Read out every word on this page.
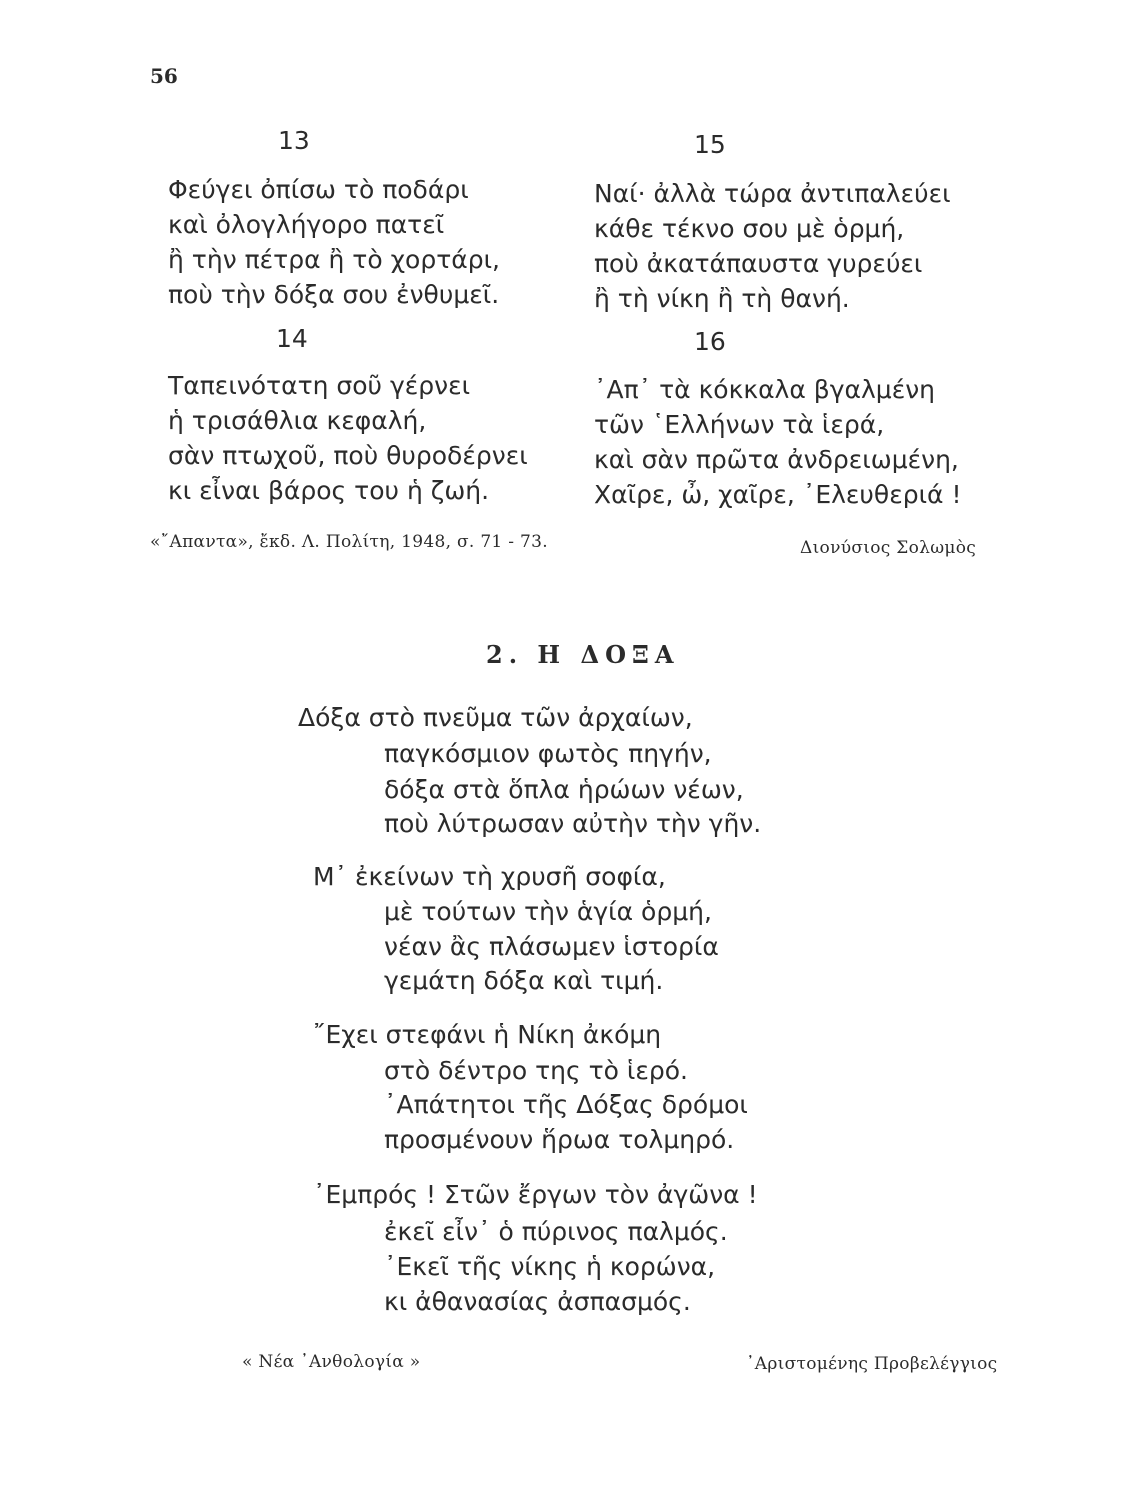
56
13
Φεύγει ὀπίσω τὸ ποδάρι
καὶ ὀλογλήγορο πατεῖ
ἢ τὴν πέτρα ἢ τὸ χορτάρι,
ποὺ τὴν δόξα σου ἐνθυμεῖ.
14
Ταπεινότατη σοῦ γέρνει
ἡ τρισάθλια κεφαλή,
σὰν πτωχοῦ, ποὺ θυροδέρνει
κι εἶναι βάρος του ἡ ζωή.
15
Ναί· ἀλλὰ τώρα ἀντιπαλεύει
κάθε τέκνο σου μὲ ὁρμή,
ποὺ ἀκατάπαυστα γυρεύει
ἢ τὴ νίκη ἢ τὴ θανή.
16
᾿Απ᾿ τὰ κόκκαλα βγαλμένη
τῶν ῾Ελλήνων τὰ ἱερά,
καὶ σὰν πρῶτα ἀνδρειωμένη,
Χαῖρε, ὦ, χαῖρε, ᾿Ελευθεριά !
«῎Απαντα», ἔκδ. Λ. Πολίτη, 1948, σ. 71 - 73.	Διονύσιος Σολωμὸς
2. Η ΔΟΞΑ
Δόξα στὸ πνεῦμα τῶν ἀρχαίων,
παγκόσμιον φωτὸς πηγήν,
δόξα στὰ ὅπλα ἡρώων νέων,
ποὺ λύτρωσαν αὐτὴν τὴν γῆν.
Μ᾿ ἐκείνων τὴ χρυσῆ σοφία,
μὲ τούτων τὴν ἁγία ὁρμή,
νέαν ἂς πλάσωμεν ἱστορία
γεμάτη δόξα καὶ τιμή.
῎Εχει στεφάνι ἡ Νίκη ἀκόμη
στὸ δέντρο της τὸ ἱερό.
᾿Απάτητοι τῆς Δόξας δρόμοι
προσμένουν ἥρωα τολμηρό.
᾿Εμπρός ! Στῶν ἔργων τὸν ἀγῶνα !
ἐκεῖ εἶν᾿ ὁ πύρινος παλμός.
᾿Εκεῖ τῆς νίκης ἡ κορώνα,
κι ἀθανασίας ἀσπασμός.
« Νέα ᾿Ανθολογία »	᾿Αριστομένης Προβελέγγιος
